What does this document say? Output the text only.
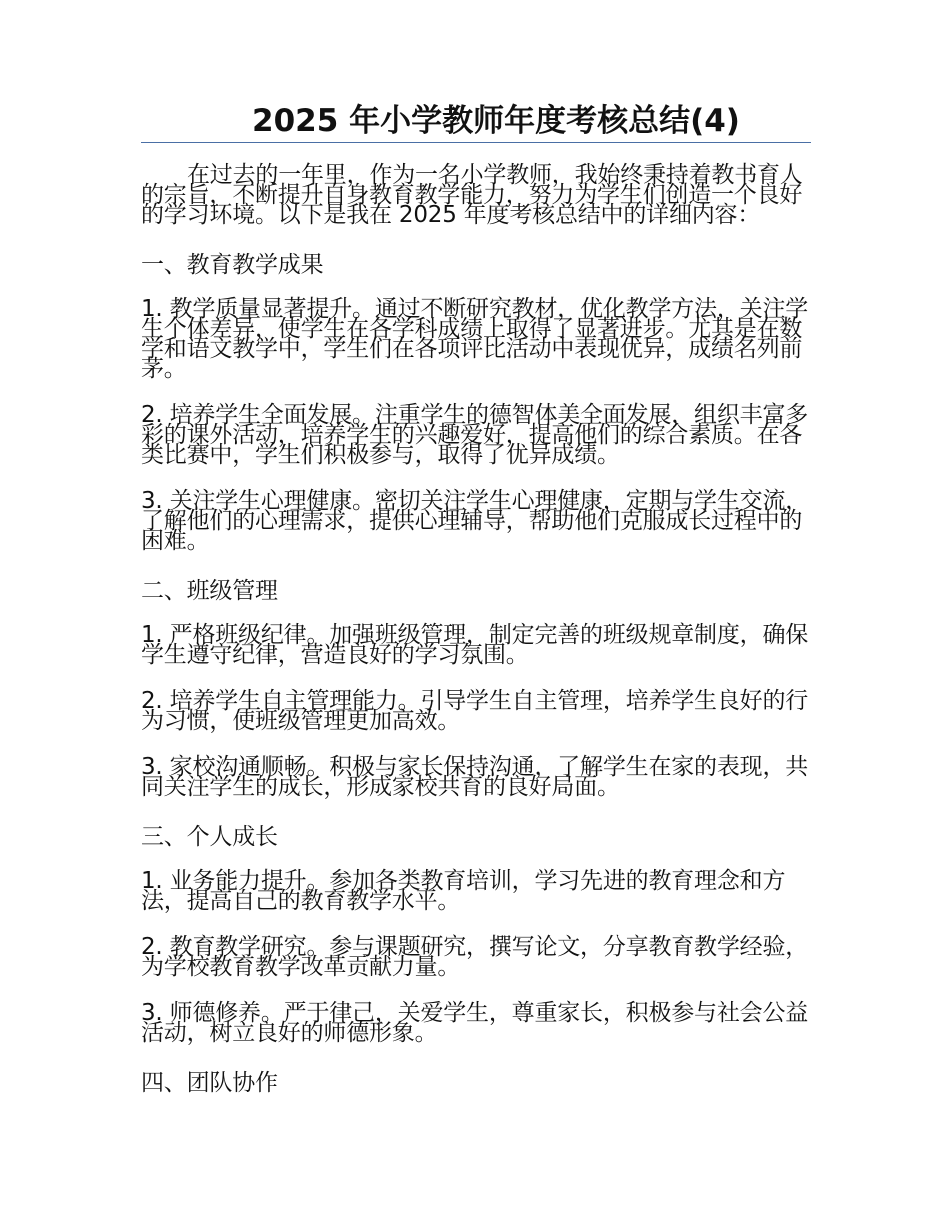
2025 年小学教师年度考核总结(4)

在过去的一年里，作为一名小学教师，我始终秉持着教书育人的宗旨，不断提升自身教育教学能力，努力为学生们创造一个良好的学习环境。以下是我在 2025 年度考核总结中的详细内容：

一、教育教学成果

1. 教学质量显著提升。通过不断研究教材，优化教学方法，关注学生个体差异，使学生在各学科成绩上取得了显著进步。尤其是在数学和语文教学中，学生们在各项评比活动中表现优异，成绩名列前茅。

2. 培养学生全面发展。注重学生的德智体美全面发展，组织丰富多彩的课外活动，培养学生的兴趣爱好，提高他们的综合素质。在各类比赛中，学生们积极参与，取得了优异成绩。

3. 关注学生心理健康。密切关注学生心理健康，定期与学生交流，了解他们的心理需求，提供心理辅导，帮助他们克服成长过程中的困难。

二、班级管理

1. 严格班级纪律。加强班级管理，制定完善的班级规章制度，确保学生遵守纪律，营造良好的学习氛围。

2. 培养学生自主管理能力。引导学生自主管理，培养学生良好的行为习惯，使班级管理更加高效。

3. 家校沟通顺畅。积极与家长保持沟通，了解学生在家的表现，共同关注学生的成长，形成家校共育的良好局面。

三、个人成长

1. 业务能力提升。参加各类教育培训，学习先进的教育理念和方法，提高自己的教育教学水平。

2. 教育教学研究。参与课题研究，撰写论文，分享教育教学经验，为学校教育教学改革贡献力量。

3. 师德修养。严于律己，关爱学生，尊重家长，积极参与社会公益活动，树立良好的师德形象。

四、团队协作
